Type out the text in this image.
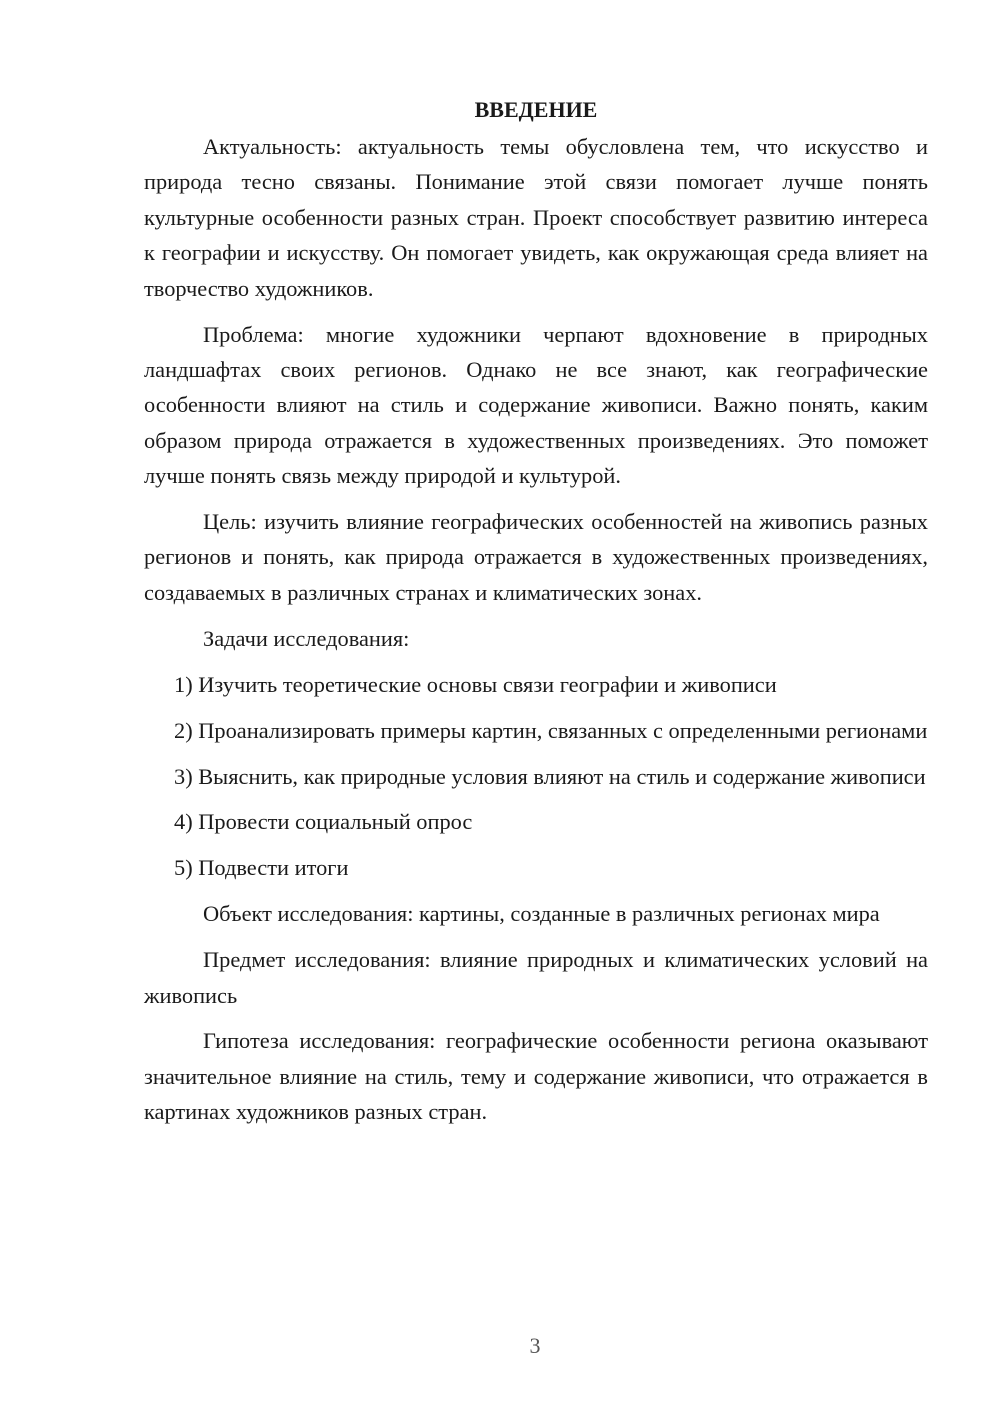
ВВЕДЕНИЕ

Актуальность: актуальность темы обусловлена тем, что искусство и природа тесно связаны. Понимание этой связи помогает лучше понять культурные особенности разных стран. Проект способствует развитию интереса к географии и искусству. Он помогает увидеть, как окружающая среда влияет на творчество художников.

Проблема: многие художники черпают вдохновение в природных ландшафтах своих регионов. Однако не все знают, как географические особенности влияют на стиль и содержание живописи. Важно понять, каким образом природа отражается в художественных произведениях. Это поможет лучше понять связь между природой и культурой.

Цель: изучить влияние географических особенностей на живопись разных регионов и понять, как природа отражается в художественных произведениях, создаваемых в различных странах и климатических зонах.

Задачи исследования:

1) Изучить теоретические основы связи географии и живописи

2) Проанализировать примеры картин, связанных с определенными регионами

3) Выяснить, как природные условия влияют на стиль и содержание живописи

4) Провести социальный опрос

5) Подвести итоги

Объект исследования: картины, созданные в различных регионах мира

Предмет исследования: влияние природных и климатических условий на живопись

Гипотеза исследования: географические особенности региона оказывают значительное влияние на стиль, тему и содержание живописи, что отражается в картинах художников разных стран.

3
